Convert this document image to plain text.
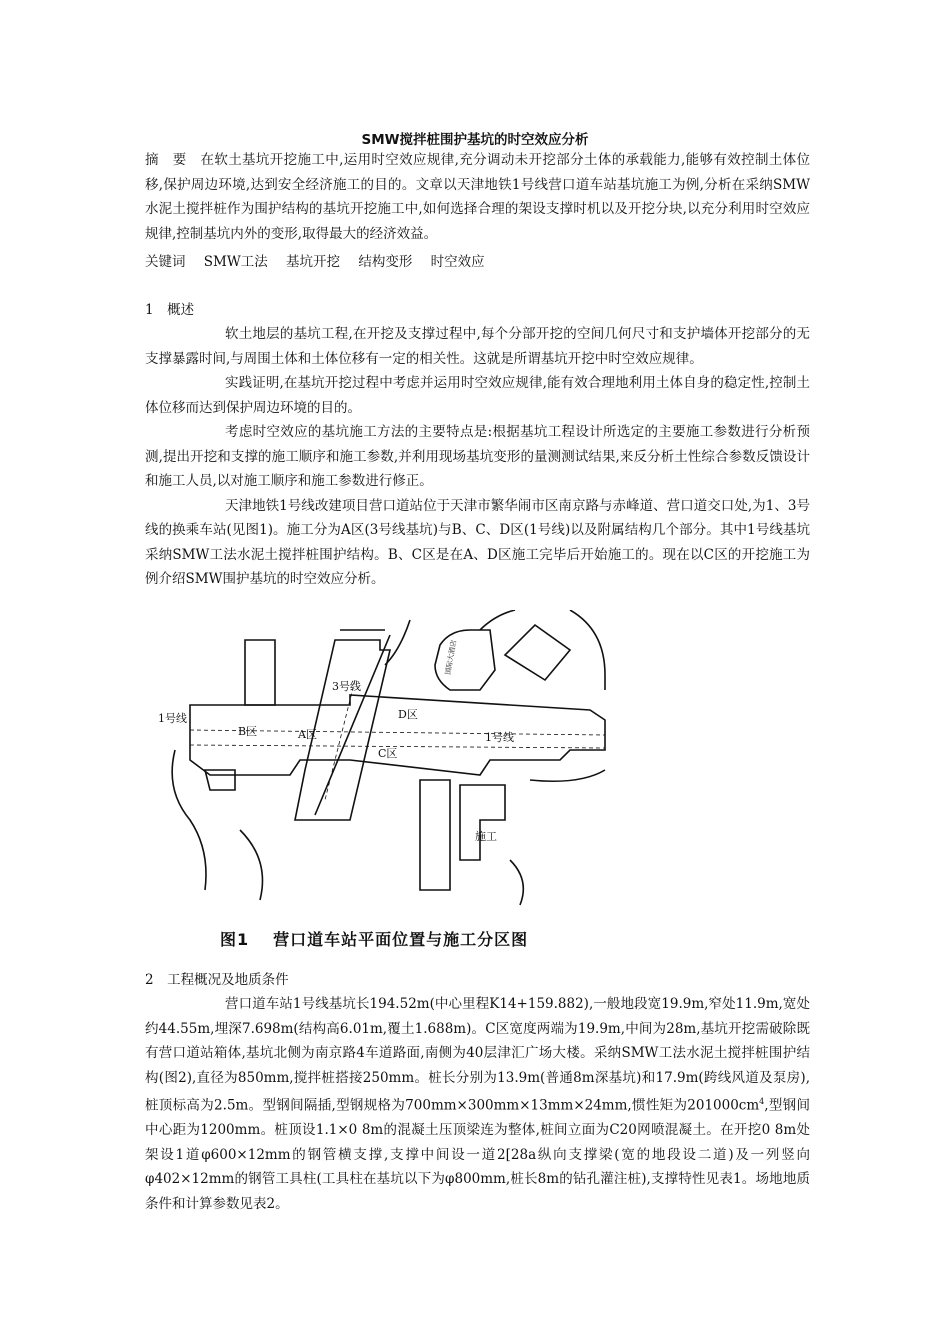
SMW搅拌桩围护基坑的时空效应分析

摘　要　 在软土基坑开挖施工中,运用时空效应规律,充分调动未开挖部分土体的承载能力,能够有效控制土体位移,保护周边环境,达到安全经济施工的目的。文章以天津地铁1号线营口道车站基坑施工为例,分析在采纳SMW水泥土搅拌桩作为围护结构的基坑开挖施工中,如何选择合理的架设支撑时机以及开挖分块,以充分利用时空效应规律,控制基坑内外的变形,取得最大的经济效益。

关键词 SMW工法 基坑开挖 结构变形 时空效应
1　概述

软土地层的基坑工程,在开挖及支撑过程中,每个分部开挖的空间几何尺寸和支护墙体开挖部分的无支撑暴露时间,与周围土体和土体位移有一定的相关性。这就是所谓基坑开挖中时空效应规律。

实践证明,在基坑开挖过程中考虑并运用时空效应规律,能有效合理地利用土体自身的稳定性,控制土体位移而达到保护周边环境的目的。

考虑时空效应的基坑施工方法的主要特点是:根据基坑工程设计所选定的主要施工参数进行分析预测,提出开挖和支撑的施工顺序和施工参数,并利用现场基坑变形的量测测试结果,来反分析土性综合参数反馈设计和施工人员,以对施工顺序和施工参数进行修正。

天津地铁1号线改建项目营口道站位于天津市繁华闹市区南京路与赤峰道、营口道交口处,为1、3号线的换乘车站(见图1)。施工分为A区(3号线基坑)与B、C、D区(1号线)以及附属结构几个部分。其中1号线基坑采纳SMW工法水泥土搅拌桩围护结构。B、C区是在A、D区施工完毕后开始施工的。现在以C区的开挖施工为例介绍SMW围护基坑的时空效应分析。

1号线
1号线
3号线
A区
B区
C区
D区
施工
国际大酒店
图1 营口道车站平面位置与施工分区图
2　工程概况及地质条件

营口道车站1号线基坑长194.52m(中心里程K14+159.882),一般地段宽19.9m,窄处11.9m,宽处约44.55m,埋深7.698m(结构高6.01m,覆土1.688m)。C区宽度两端为19.9m,中间为28m,基坑开挖需破除既有营口道站箱体,基坑北侧为南京路4车道路面,南侧为40层津汇广场大楼。采纳SMW工法水泥土搅拌桩围护结构(图2),直径为850mm,搅拌桩搭接250mm。桩长分别为13.9m(普通8m深基坑)和17.9m(跨线风道及泵房),桩顶标高为2.5m。型钢间隔插,型钢规格为700mm×300mm×13mm×24mm,惯性矩为$201000cm^4$,型钢间中心距为1200mm。桩顶设1.1×0 8m的混凝土压顶梁连为整体,桩间立面为C20网喷混凝土。在开挖0 8m处架设1道φ600×12mm的钢管横支撑,支撑中间设一道2[28a纵向支撑梁(宽的地段设二道)及一列竖向φ402×12mm的钢管工具柱(工具柱在基坑以下为φ800mm,桩长8m的钻孔灌注桩),支撑特性见表1。场地地质条件和计算参数见表2。
